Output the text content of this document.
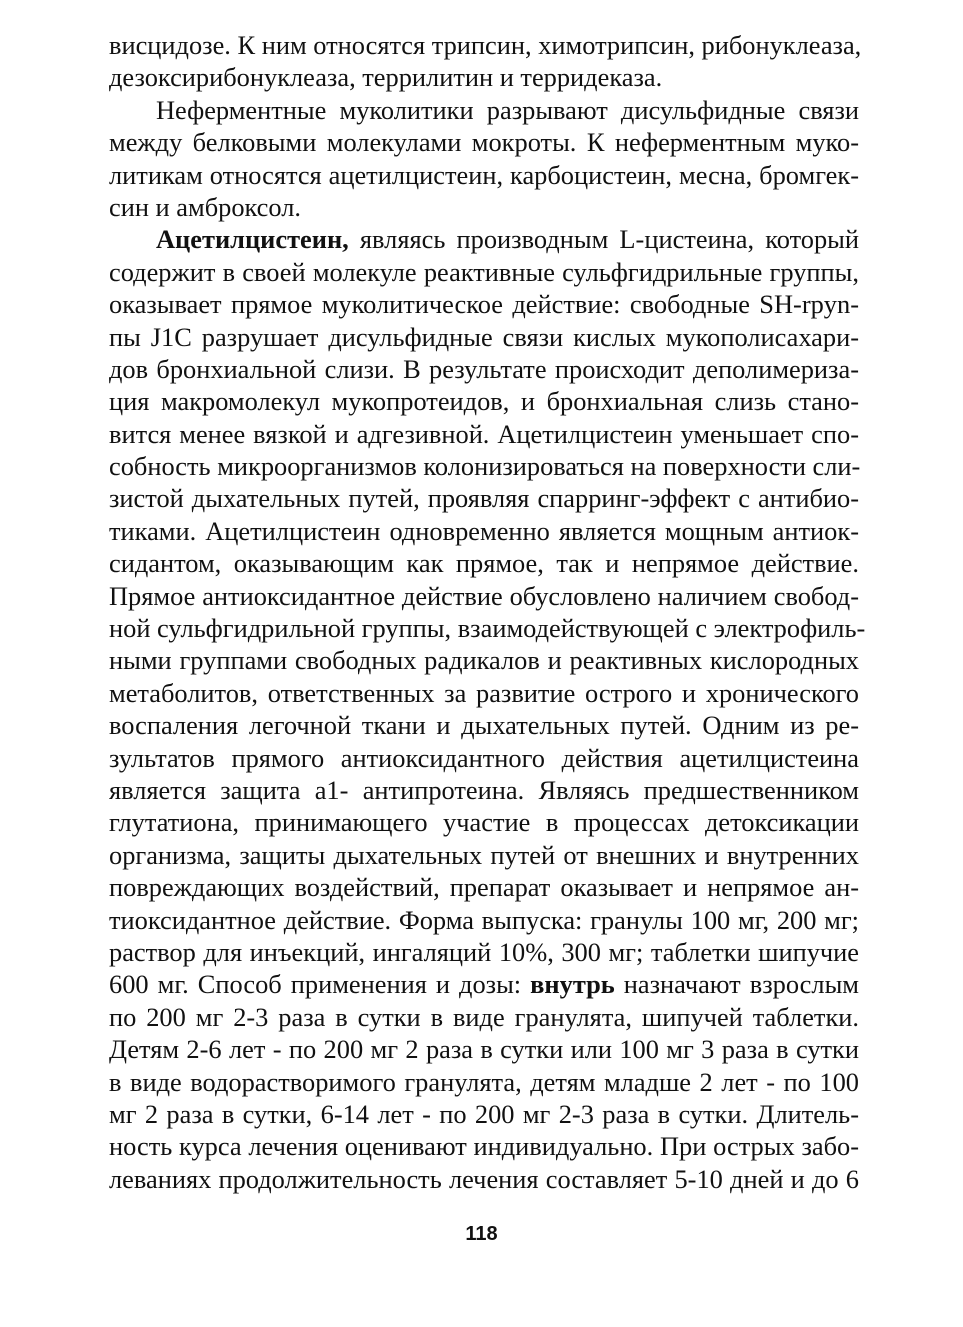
висцидозе. К ним относятся трипсин, химотрипсин, рибонуклеаза,
дезоксирибонуклеаза, террилитин и терридеказа.
Неферментные муколитики разрывают дисульфидные связи
между белковыми молекулами мокроты. К неферментным муко-
литикам относятся ацетилцистеин, карбоцистеин, месна, бромгек-
син и амброксол.
Ацетилцистеин, являясь производным L-цистеина, который
содержит в своей молекуле реактивные сульфгидрильные группы,
оказывает прямое муколитическое действие: свободные SH-rpyn-
пы J1C разрушает дисульфидные связи кислых мукополисахари-
дов бронхиальной слизи. В результате происходит деполимериза-
ция макромолекул мукопротеидов, и бронхиальная слизь стано-
вится менее вязкой и адгезивной. Ацетилцистеин уменьшает спо-
собность микроорганизмов колонизироваться на поверхности сли-
зистой дыхательных путей, проявляя спарринг-эффект с антибио-
тиками. Ацетилцистеин одновременно является мощным антиок-
сидантом, оказывающим как прямое, так и непрямое действие.
Прямое антиоксидантное действие обусловлено наличием свобод-
ной сульфгидрильной группы, взаимодействующей с электрофиль-
ными группами свободных радикалов и реактивных кислородных
метаболитов, ответственных за развитие острого и хронического
воспаления легочной ткани и дыхательных путей. Одним из ре-
зультатов прямого антиоксидантного действия ацетилцистеина
является защита а1- антипротеина. Являясь предшественником
глутатиона, принимающего участие в процессах детоксикации
организма, защиты дыхательных путей от внешних и внутренних
повреждающих воздействий, препарат оказывает и непрямое ан-
тиоксидантное действие. Форма выпуска: гранулы 100 мг, 200 мг;
раствор для инъекций, ингаляций 10%, 300 мг; таблетки шипучие
600 мг. Способ применения и дозы: внутрь назначают взрослым
по 200 мг 2-3 раза в сутки в виде гранулята, шипучей таблетки.
Детям 2-6 лет - по 200 мг 2 раза в сутки или 100 мг 3 раза в сутки
в виде водорастворимого гранулята, детям младше 2 лет - по 100
мг 2 раза в сутки, 6-14 лет - по 200 мг 2-3 раза в сутки. Длитель-
ность курса лечения оценивают индивидуально. При острых забо-
леваниях продолжительность лечения составляет 5-10 дней и до 6
118
